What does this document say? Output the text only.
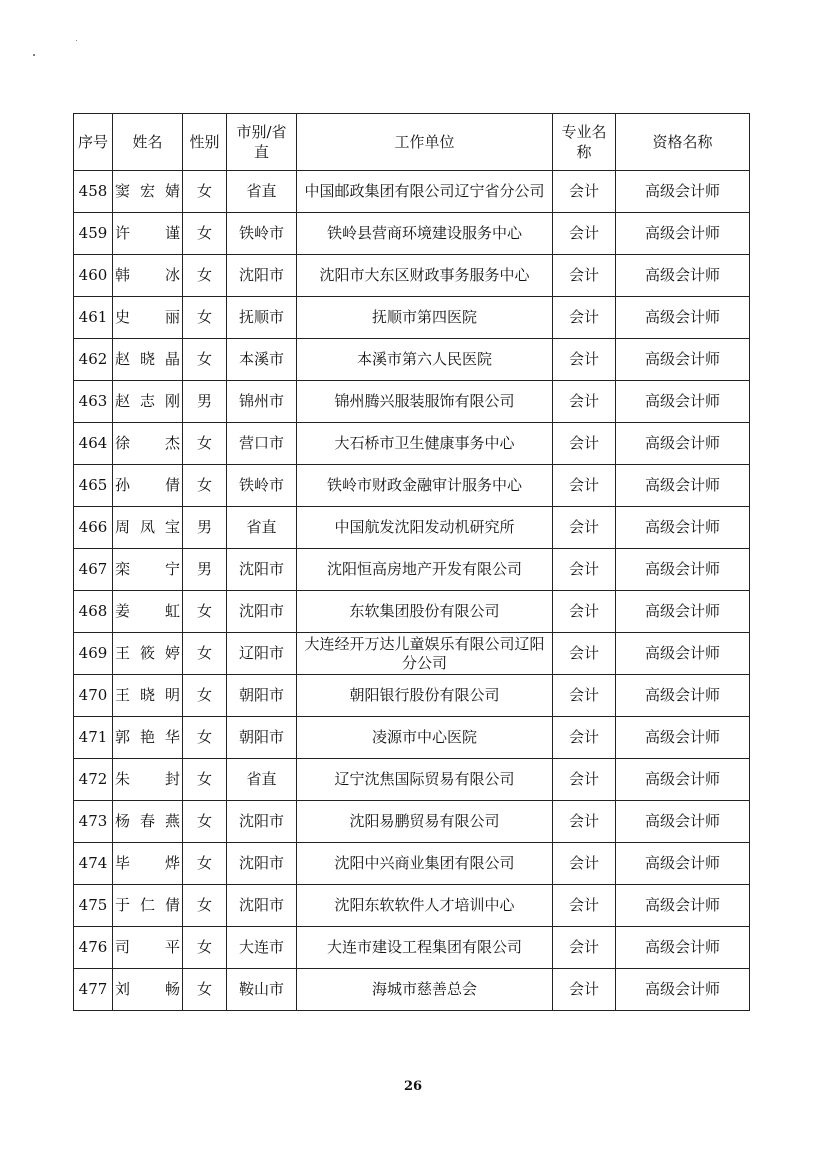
序号	姓名	性别	市别/省直	工作单位	专业名称	资格名称
458	窦宏婧	女	省直	中国邮政集团有限公司辽宁省分公司	会计	高级会计师
459	许谨	女	铁岭市	铁岭县营商环境建设服务中心	会计	高级会计师
460	韩冰	女	沈阳市	沈阳市大东区财政事务服务中心	会计	高级会计师
461	史丽	女	抚顺市	抚顺市第四医院	会计	高级会计师
462	赵晓晶	女	本溪市	本溪市第六人民医院	会计	高级会计师
463	赵志刚	男	锦州市	锦州腾兴服装服饰有限公司	会计	高级会计师
464	徐杰	女	营口市	大石桥市卫生健康事务中心	会计	高级会计师
465	孙倩	女	铁岭市	铁岭市财政金融审计服务中心	会计	高级会计师
466	周凤宝	男	省直	中国航发沈阳发动机研究所	会计	高级会计师
467	栾宁	男	沈阳市	沈阳恒高房地产开发有限公司	会计	高级会计师
468	姜虹	女	沈阳市	东软集团股份有限公司	会计	高级会计师
469	王筱婷	女	辽阳市	大连经开万达儿童娱乐有限公司辽阳分公司	会计	高级会计师
470	王晓明	女	朝阳市	朝阳银行股份有限公司	会计	高级会计师
471	郭艳华	女	朝阳市	凌源市中心医院	会计	高级会计师
472	朱封	女	省直	辽宁沈焦国际贸易有限公司	会计	高级会计师
473	杨春燕	女	沈阳市	沈阳易鹏贸易有限公司	会计	高级会计师
474	毕烨	女	沈阳市	沈阳中兴商业集团有限公司	会计	高级会计师
475	于仁倩	女	沈阳市	沈阳东软软件人才培训中心	会计	高级会计师
476	司平	女	大连市	大连市建设工程集团有限公司	会计	高级会计师
477	刘畅	女	鞍山市	海城市慈善总会	会计	高级会计师
26
